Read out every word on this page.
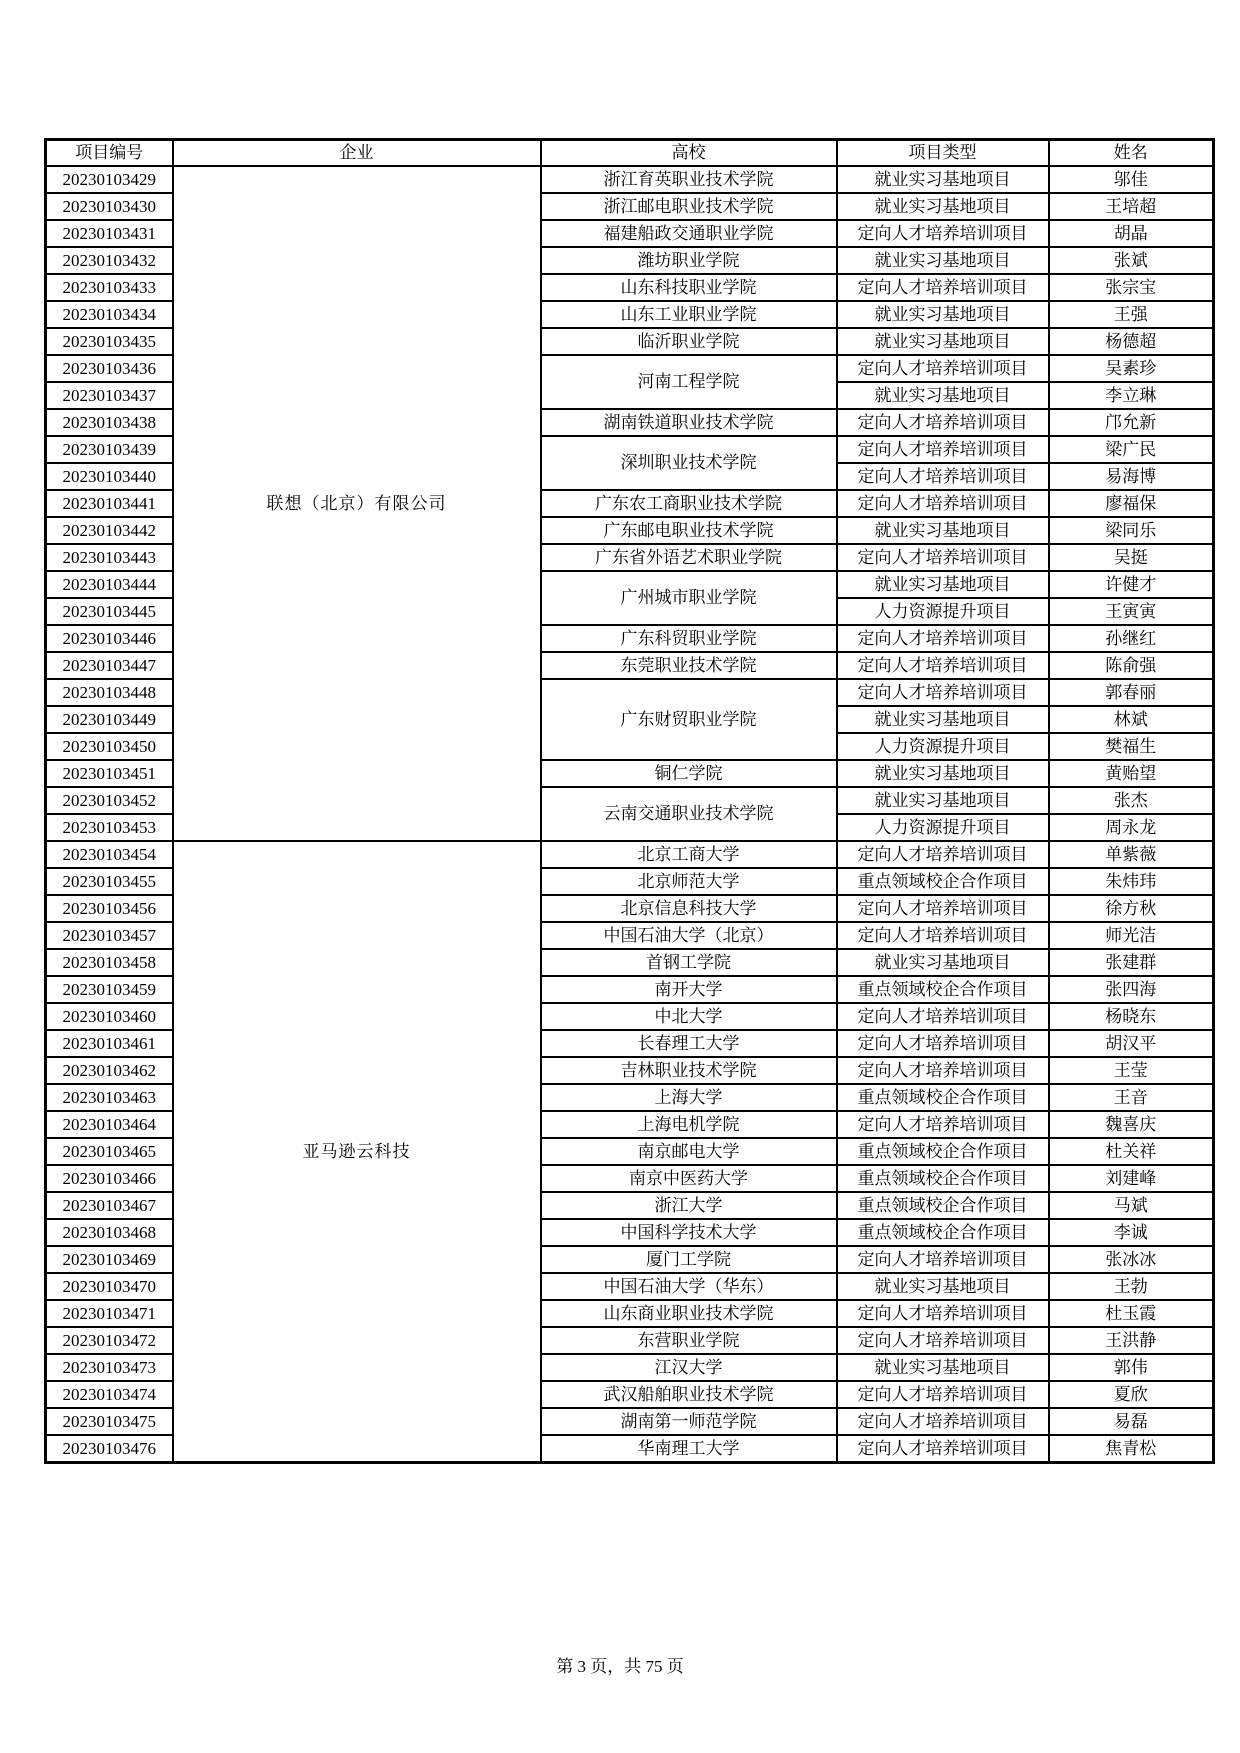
项目编号	企业	高校	项目类型	姓名
20230103429	联想（北京）有限公司	浙江育英职业技术学院	就业实习基地项目	邬佳
20230103430		浙江邮电职业技术学院	就业实习基地项目	王培超
20230103431		福建船政交通职业学院	定向人才培养培训项目	胡晶
20230103432		潍坊职业学院	就业实习基地项目	张斌
20230103433		山东科技职业学院	定向人才培养培训项目	张宗宝
20230103434		山东工业职业学院	就业实习基地项目	王强
20230103435		临沂职业学院	就业实习基地项目	杨德超
20230103436		河南工程学院	定向人才培养培训项目	吴素珍
20230103437			就业实习基地项目	李立琳
20230103438		湖南铁道职业技术学院	定向人才培养培训项目	邝允新
20230103439		深圳职业技术学院	定向人才培养培训项目	梁广民
20230103440			定向人才培养培训项目	易海博
20230103441		广东农工商职业技术学院	定向人才培养培训项目	廖福保
20230103442		广东邮电职业技术学院	就业实习基地项目	梁同乐
20230103443		广东省外语艺术职业学院	定向人才培养培训项目	吴挺
20230103444		广州城市职业学院	就业实习基地项目	许健才
20230103445			人力资源提升项目	王寅寅
20230103446		广东科贸职业学院	定向人才培养培训项目	孙继红
20230103447		东莞职业技术学院	定向人才培养培训项目	陈俞强
20230103448		广东财贸职业学院	定向人才培养培训项目	郭春丽
20230103449			就业实习基地项目	林斌
20230103450			人力资源提升项目	樊福生
20230103451		铜仁学院	就业实习基地项目	黄贻望
20230103452		云南交通职业技术学院	就业实习基地项目	张杰
20230103453			人力资源提升项目	周永龙
20230103454	亚马逊云科技	北京工商大学	定向人才培养培训项目	单紫薇
20230103455		北京师范大学	重点领域校企合作项目	朱炜玮
20230103456		北京信息科技大学	定向人才培养培训项目	徐方秋
20230103457		中国石油大学（北京）	定向人才培养培训项目	师光洁
20230103458		首钢工学院	就业实习基地项目	张建群
20230103459		南开大学	重点领域校企合作项目	张四海
20230103460		中北大学	定向人才培养培训项目	杨晓东
20230103461		长春理工大学	定向人才培养培训项目	胡汉平
20230103462		吉林职业技术学院	定向人才培养培训项目	王莹
20230103463		上海大学	重点领域校企合作项目	王音
20230103464		上海电机学院	定向人才培养培训项目	魏喜庆
20230103465		南京邮电大学	重点领域校企合作项目	杜关祥
20230103466		南京中医药大学	重点领域校企合作项目	刘建峰
20230103467		浙江大学	重点领域校企合作项目	马斌
20230103468		中国科学技术大学	重点领域校企合作项目	李诚
20230103469		厦门工学院	定向人才培养培训项目	张冰冰
20230103470		中国石油大学（华东）	就业实习基地项目	王勃
20230103471		山东商业职业技术学院	定向人才培养培训项目	杜玉霞
20230103472		东营职业学院	定向人才培养培训项目	王洪静
20230103473		江汉大学	就业实习基地项目	郭伟
20230103474		武汉船舶职业技术学院	定向人才培养培训项目	夏欣
20230103475		湖南第一师范学院	定向人才培养培训项目	易磊
20230103476		华南理工大学	定向人才培养培训项目	焦青松
第 3 页，共 75 页
